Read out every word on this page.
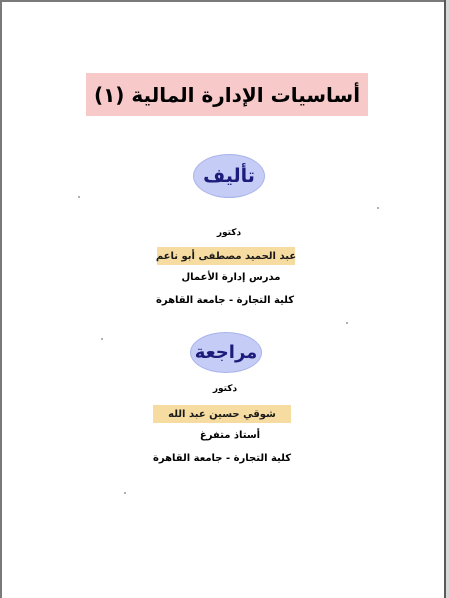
أساسيات الإدارة المالية (١)
تأليف
دكتور
عبد الحميد مصطفى أبو ناعم
مدرس إدارة الأعمال
كلية التجارة - جامعة القاهرة
مراجعة
دكتور
شوقي حسين عبد الله
أستاذ متفرغ
كلية التجارة - جامعة القاهرة
